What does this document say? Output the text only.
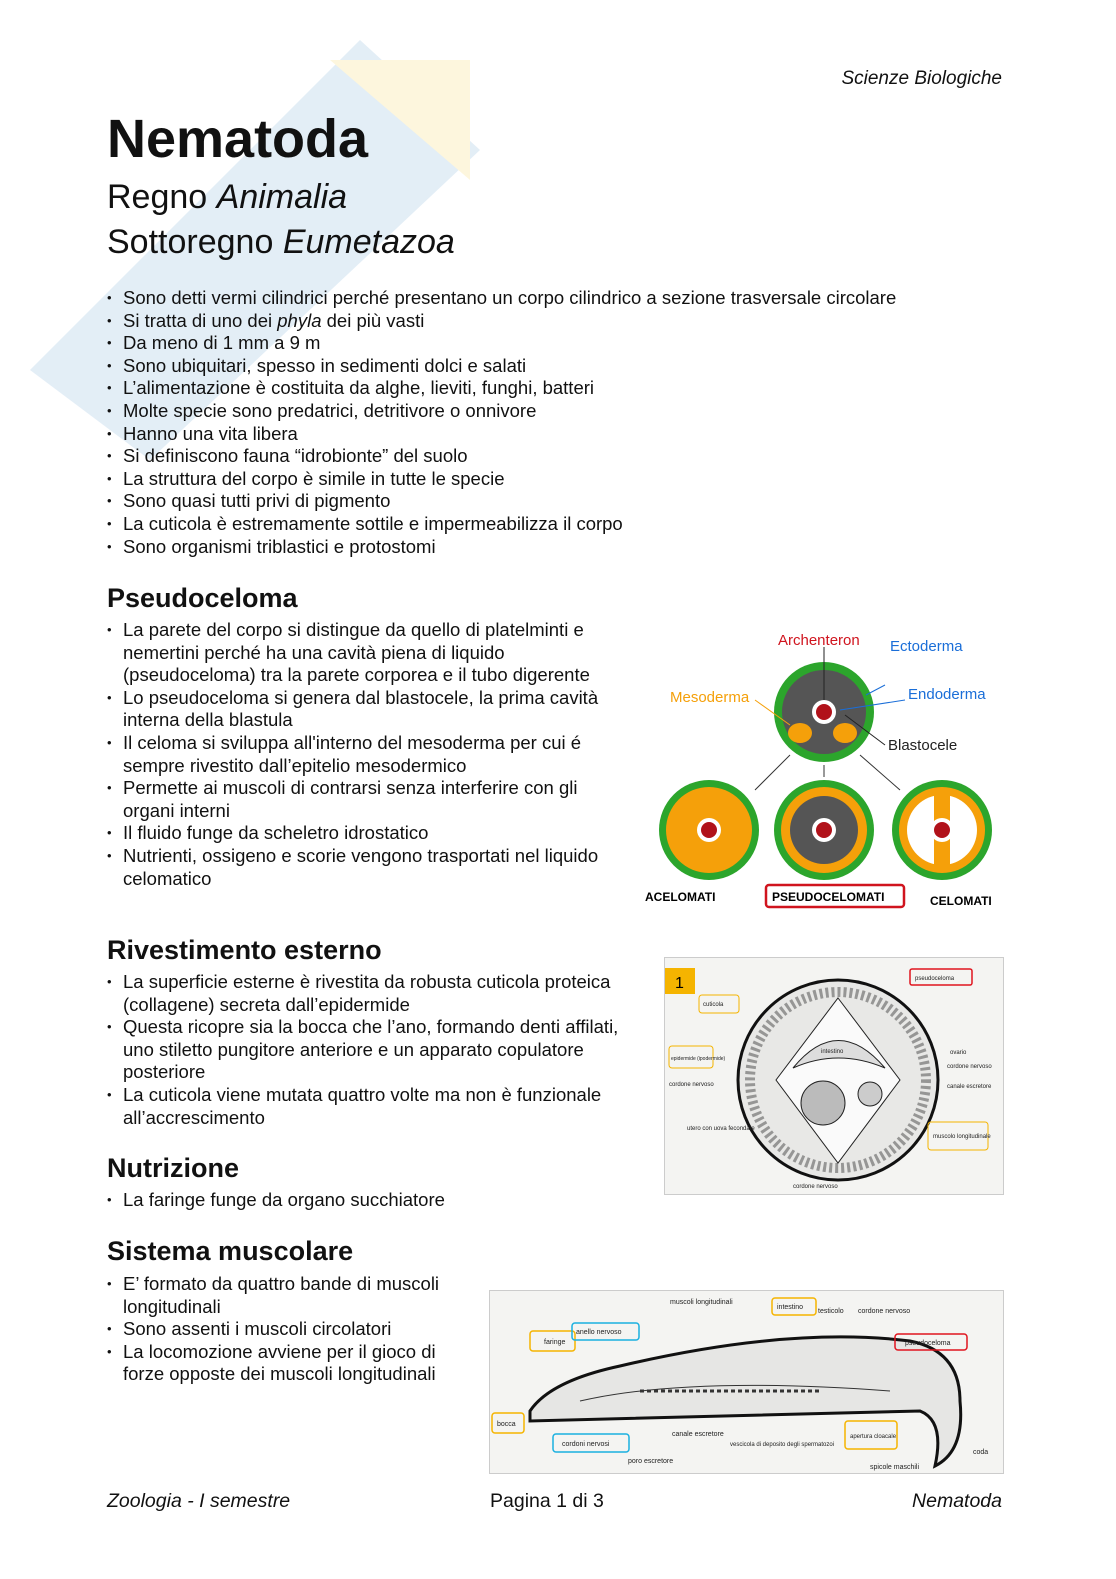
Scienze Biologiche
Nematoda
Regno Animalia
Sottoregno Eumetazoa
• Sono detti vermi cilindrici perché presentano un corpo cilindrico a sezione trasversale circolare
• Si tratta di uno dei phyla dei più vasti
• Da meno di 1 mm a 9 m
• Sono ubiquitari, spesso in sedimenti dolci e salati
• L’alimentazione è costituita da alghe, lieviti, funghi, batteri
• Molte specie sono predatrici, detritivore o onnivore
• Hanno una vita libera
• Si definiscono fauna “idrobionte” del suolo
• La struttura del corpo è simile in tutte le specie
• Sono quasi tutti privi di pigmento
• La cuticola è estremamente sottile e impermeabilizza il corpo
• Sono organismi triblastici e protostomi
Pseudoceloma
• La parete del corpo si distingue da quello di platelminti e nemertini perché ha una cavità piena di liquido (pseudoceloma) tra la parete corporea e il tubo digerente
• Lo pseudoceloma si genera dal blastocele, la prima cavità interna della blastula
• Il celoma si sviluppa all'interno del mesoderma per cui é sempre rivestito dall’epitelio mesodermico
• Permette ai muscoli di contrarsi senza interferire con gli organi interni
• Il fluido funge da scheletro idrostatico
• Nutrienti, ossigeno e scorie vengono trasportati nel liquido celomatico
Rivestimento esterno
• La superficie esterne è rivestita da robusta cuticola proteica (collagene) secreta dall’epidermide
• Questa ricopre sia la bocca che l’ano, formando denti affilati, uno stiletto pungitore anteriore e un apparato copulatore posteriore
• La cuticola viene mutata quattro volte ma non è funzionale all’accrescimento
Nutrizione
• La faringe funge da organo succhiatore
Sistema muscolare
• E’ formato da quattro bande di muscoli longitudinali
• Sono assenti i muscoli circolatori
• La locomozione avviene per il gioco di forze opposte dei muscoli longitudinali
Archenteron Ectoderma
Mesoderma	Endoderma
Blastocele
ACELOMATI	PSEUDOCELOMATI	CELOMATI
1
cuticola
pseudoceloma
epidermide (ipodermide)
cordone nervoso
intestino	ovario
cordone nervoso
canale escretore
utero con uova fecondate
muscolo longitudinale
cordone nervoso
muscoli longitudinali
intestino
testicolo cordone nervoso
faringe
anello nervoso
pseudoceloma
bocca
cordoni nervosi
canale escretore
poro escretore
vescicola di deposito degli spermatozoi
apertura cloacale
spicole maschili
coda
Zoologia - I semestre	Pagina 1 di 3	Nematoda
